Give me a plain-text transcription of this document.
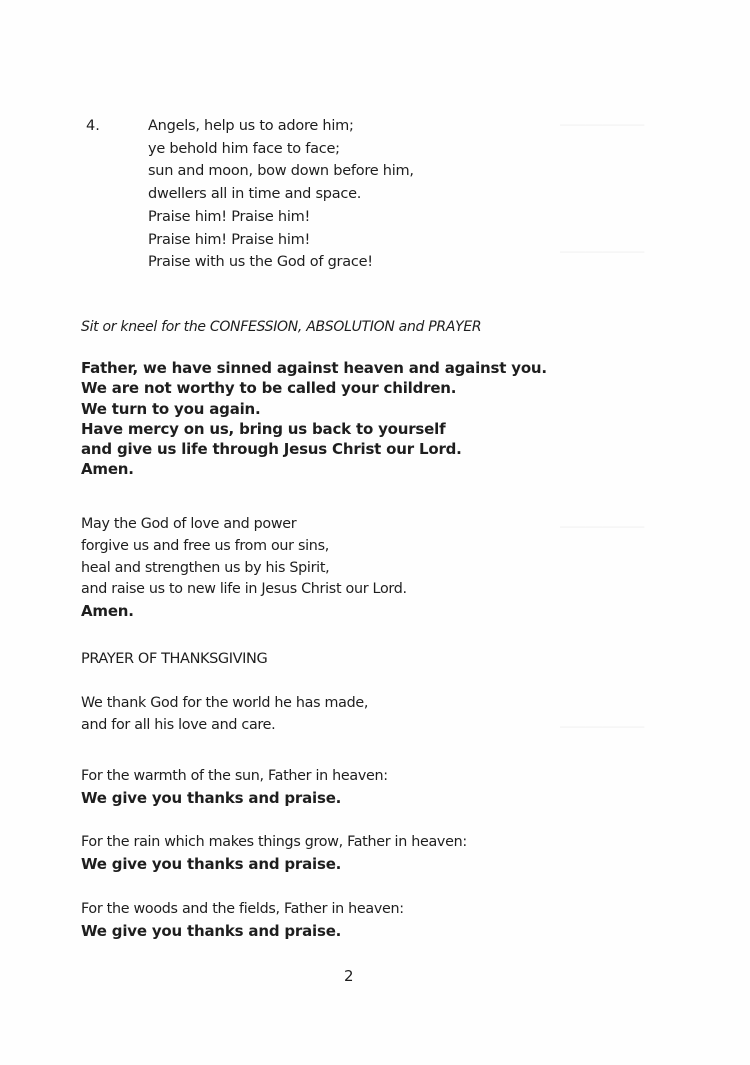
4.	Angels, help us to adore him;
ye behold him face to face;
sun and moon, bow down before him,
dwellers all in time and space.
Praise him! Praise him!
Praise him! Praise him!
Praise with us the God of grace!
Sit or kneel for the CONFESSION, ABSOLUTION and PRAYER
Father, we have sinned against heaven and against you.
We are not worthy to be called your children.
We turn to you again.
Have mercy on us, bring us back to yourself
and give us life through Jesus Christ our Lord.
Amen.
May the God of love and power
forgive us and free us from our sins,
heal and strengthen us by his Spirit,
and raise us to new life in Jesus Christ our Lord.
Amen.
PRAYER OF THANKSGIVING
We thank God for the world he has made,
and for all his love and care.
For the warmth of the sun, Father in heaven:
We give you thanks and praise.
For the rain which makes things grow, Father in heaven:
We give you thanks and praise.
For the woods and the fields, Father in heaven:
We give you thanks and praise.
2
